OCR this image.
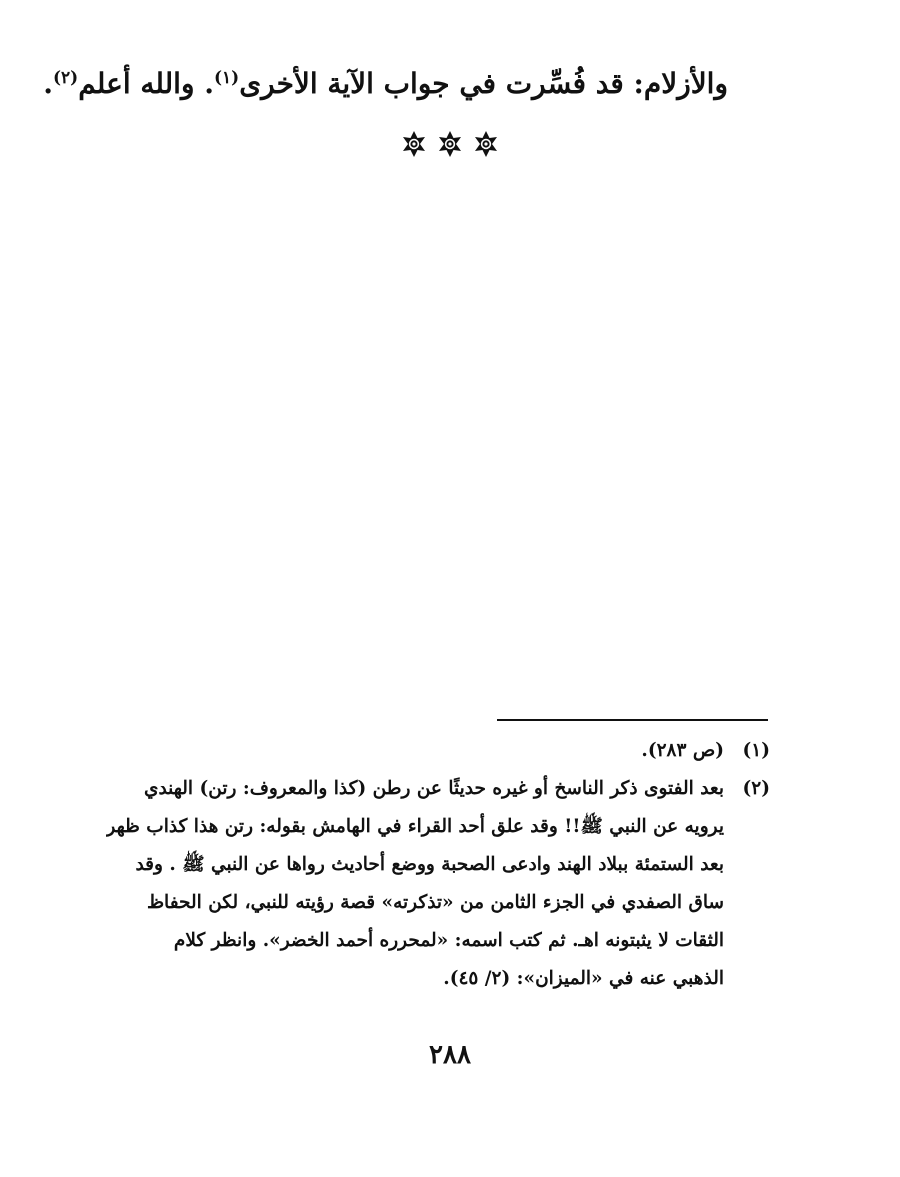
والأزلام: قد فُسِّرت في جواب الآية الأخرى$^{(١)}$. والله أعلم$^{(٢)}$.
(١)
(ص ٢٨٣).
(٢)
بعد الفتوى ذكر الناسخ أو غيره حديثًا عن رطن (كذا والمعروف: رتن) الهندي
يرويه عن النبي ﷺ!! وقد علق أحد القراء في الهامش بقوله: رتن هذا كذاب ظهر
بعد الستمئة ببلاد الهند وادعى الصحبة ووضع أحاديث رواها عن النبي ﷺ . وقد
ساق الصفدي في الجزء الثامن من «تذكرته» قصة رؤيته للنبي، لكن الحفاظ
الثقات لا يثبتونه اهـ. ثم كتب اسمه: «لمحرره أحمد الخضر». وانظر كلام
الذهبي عنه في «الميزان»: (٢/ ٤٥).
٢٨٨
